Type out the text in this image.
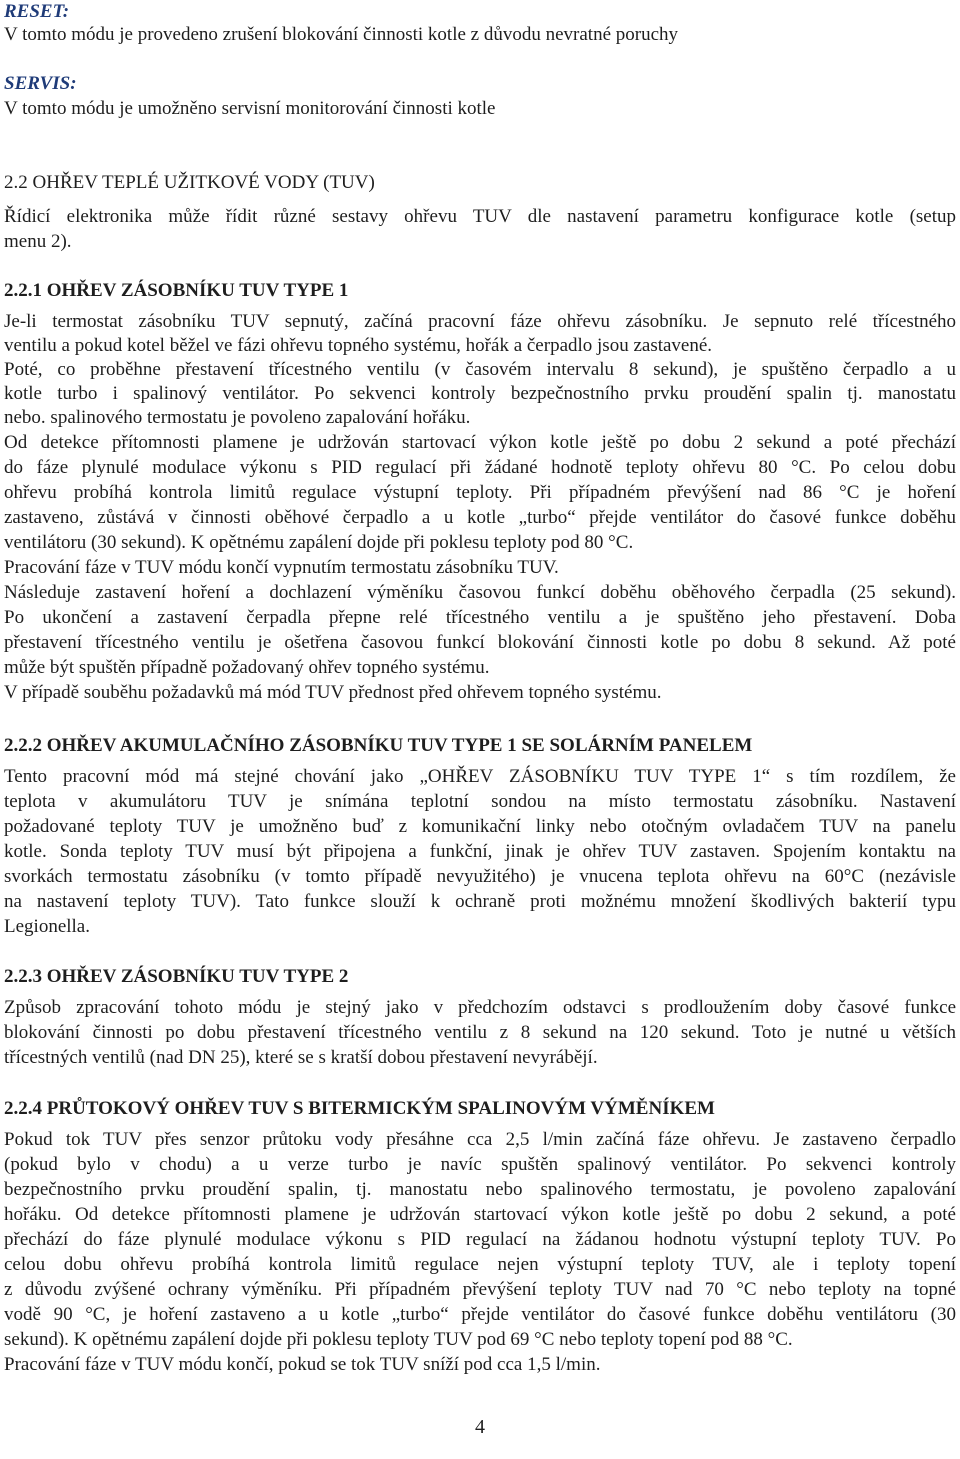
RESET:
V tomto módu je provedeno zrušení blokování činnosti kotle z důvodu nevratné poruchy
SERVIS:
V tomto módu je umožněno servisní monitorování činnosti kotle
2.2 OHŘEV TEPLÉ UŽITKOVÉ VODY (TUV)
Řídicí elektronika může řídit různé sestavy ohřevu TUV dle nastavení parametru konfigurace kotle (setup
menu 2).
2.2.1 OHŘEV ZÁSOBNÍKU TUV TYPE 1
Je-li termostat zásobníku TUV sepnutý, začíná pracovní fáze ohřevu zásobníku. Je sepnuto relé třícestného
ventilu a pokud kotel běžel ve fázi ohřevu topného systému, hořák a čerpadlo jsou zastavené.
Poté, co proběhne přestavení třícestného ventilu (v časovém intervalu 8 sekund), je spuštěno čerpadlo a u
kotle turbo i spalinový ventilátor. Po sekvenci kontroly bezpečnostního prvku proudění spalin tj. manostatu
nebo. spalinového termostatu je povoleno zapalování hořáku.
Od detekce přítomnosti plamene je udržován startovací výkon kotle ještě po dobu 2 sekund a poté přechází
do fáze plynulé modulace výkonu s PID regulací při žádané hodnotě teploty ohřevu 80 °C. Po celou dobu
ohřevu probíhá kontrola limitů regulace výstupní teploty. Při případném převýšení nad 86 °C je hoření
zastaveno, zůstává v činnosti oběhové čerpadlo a u kotle „turbo“ přejde ventilátor do časové funkce doběhu
ventilátoru (30 sekund). K opětnému zapálení dojde při poklesu teploty pod 80 °C.
Pracování fáze v TUV módu končí vypnutím termostatu zásobníku TUV.
Následuje zastavení hoření a dochlazení výměníku časovou funkcí doběhu oběhového čerpadla (25 sekund).
Po ukončení a zastavení čerpadla přepne relé třícestného ventilu a je spuštěno jeho přestavení. Doba
přestavení třícestného ventilu je ošetřena časovou funkcí blokování činnosti kotle po dobu 8 sekund. Až poté
může být spuštěn případně požadovaný ohřev topného systému.
V případě souběhu požadavků má mód TUV přednost před ohřevem topného systému.
2.2.2 OHŘEV AKUMULAČNÍHO ZÁSOBNÍKU TUV TYPE 1 SE SOLÁRNÍM PANELEM
Tento pracovní mód má stejné chování jako „OHŘEV ZÁSOBNÍKU TUV TYPE 1“ s tím rozdílem, že
teplota v akumulátoru TUV je snímána teplotní sondou na místo termostatu zásobníku. Nastavení
požadované teploty TUV je umožněno buď z komunikační linky nebo otočným ovladačem TUV na panelu
kotle. Sonda teploty TUV musí být připojena a funkční, jinak je ohřev TUV zastaven. Spojením kontaktu na
svorkách termostatu zásobníku (v tomto případě nevyužitého) je vnucena teplota ohřevu na 60°C (nezávisle
na nastavení teploty TUV). Tato funkce slouží k ochraně proti možnému množení škodlivých bakterií typu
Legionella.
2.2.3 OHŘEV ZÁSOBNÍKU TUV TYPE 2
Způsob zpracování tohoto módu je stejný jako v předchozím odstavci s prodloužením doby časové funkce
blokování činnosti po dobu přestavení třícestného ventilu z 8 sekund na 120 sekund. Toto je nutné u větších
třícestných ventilů (nad DN 25), které se s kratší dobou přestavení nevyrábějí.
2.2.4 PRŮTOKOVÝ OHŘEV TUV S BITERMICKÝM SPALINOVÝM VÝMĚNÍKEM
Pokud tok TUV přes senzor průtoku vody přesáhne cca 2,5 l/min začíná fáze ohřevu. Je zastaveno čerpadlo
(pokud bylo v chodu) a u verze turbo je navíc spuštěn spalinový ventilátor. Po sekvenci kontroly
bezpečnostního prvku proudění spalin, tj. manostatu nebo spalinového termostatu, je povoleno zapalování
hořáku. Od detekce přítomnosti plamene je udržován startovací výkon kotle ještě po dobu 2 sekund, a poté
přechází do fáze plynulé modulace výkonu s PID regulací na žádanou hodnotu výstupní teploty TUV. Po
celou dobu ohřevu probíhá kontrola limitů regulace nejen výstupní teploty TUV, ale i teploty topení
z důvodu zvýšené ochrany výměníku. Při případném převýšení teploty TUV nad 70 °C nebo teploty na topné
vodě 90 °C, je hoření zastaveno a u kotle „turbo“ přejde ventilátor do časové funkce doběhu ventilátoru (30
sekund). K opětnému zapálení dojde při poklesu teploty TUV pod 69 °C nebo teploty topení pod 88 °C.
Pracování fáze v TUV módu končí, pokud se tok TUV sníží pod cca 1,5 l/min.
4
